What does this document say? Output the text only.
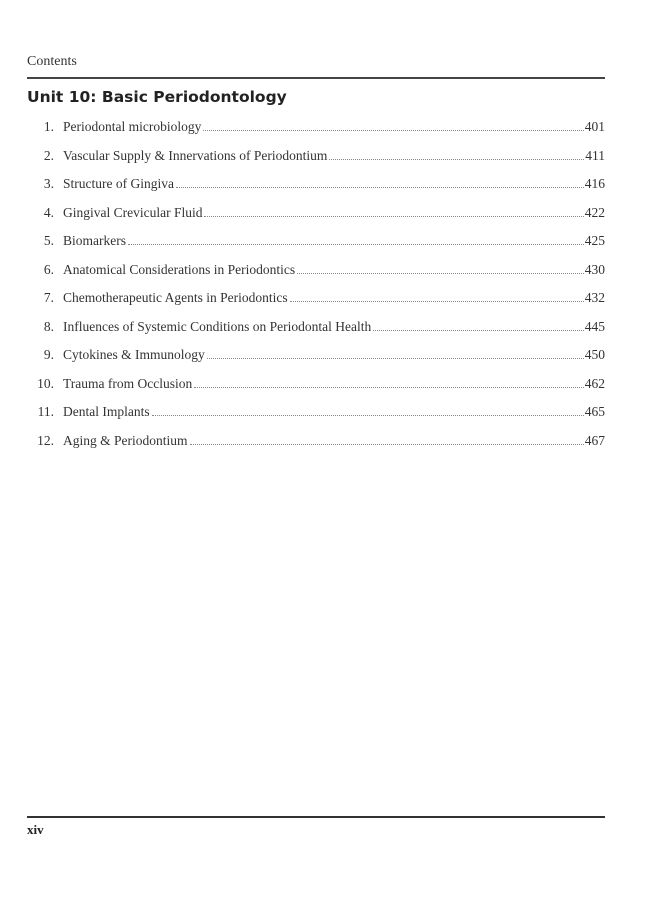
Contents
Unit 10: Basic Periodontology
1. Periodontal microbiology	401
2. Vascular Supply & Innervations of Periodontium	411
3. Structure of Gingiva	416
4. Gingival Crevicular Fluid	422
5. Biomarkers	425
6. Anatomical Considerations in Periodontics	430
7. Chemotherapeutic Agents in Periodontics	432
8. Influences of Systemic Conditions on Periodontal Health	445
9. Cytokines & Immunology	450
10. Trauma from Occlusion	462
11. Dental Implants	465
12. Aging & Periodontium	467
xiv
